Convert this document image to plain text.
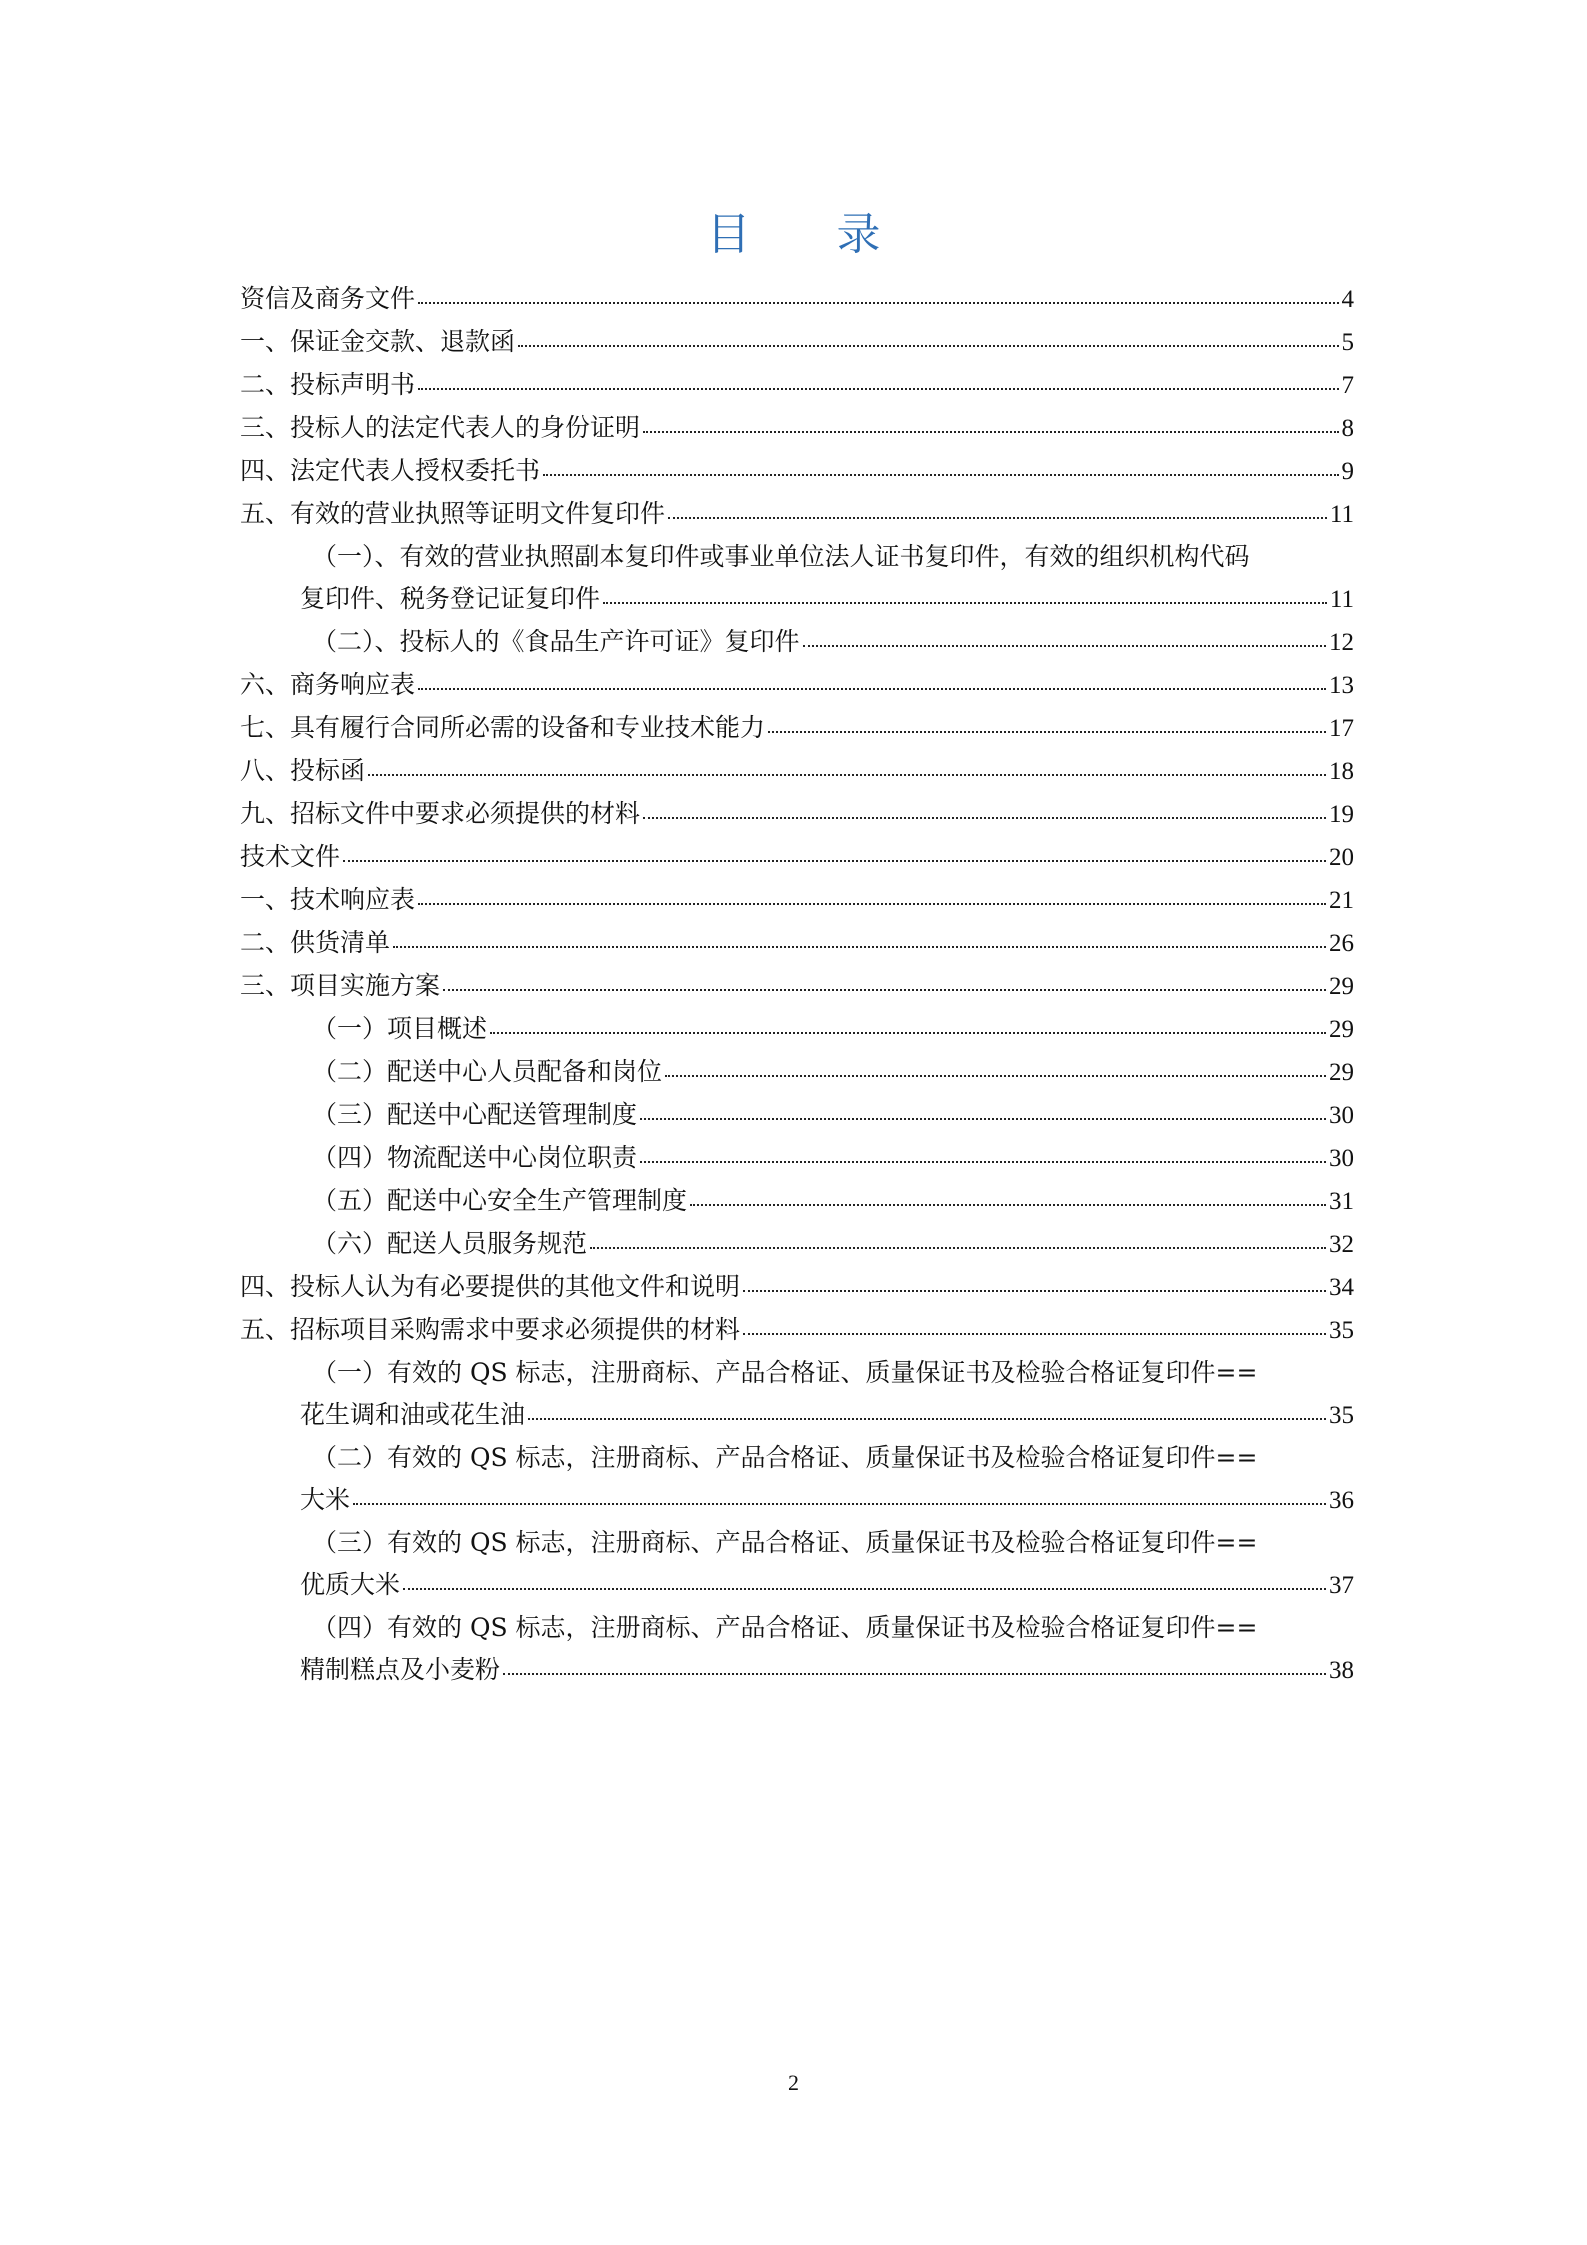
目 录
资信及商务文件	4
一、保证金交款、退款函	5
二、投标声明书	7
三、投标人的法定代表人的身份证明	8
四、法定代表人授权委托书	9
五、有效的营业执照等证明文件复印件	11
（一）、有效的营业执照副本复印件或事业单位法人证书复印件，有效的组织机构代码
复印件、税务登记证复印件	11
（二）、投标人的《食品生产许可证》复印件	12
六、商务响应表	13
七、具有履行合同所必需的设备和专业技术能力	17
八、投标函	18
九、招标文件中要求必须提供的材料	19
技术文件	20
一、技术响应表	21
二、供货清单	26
三、项目实施方案	29
（一）项目概述	29
（二）配送中心人员配备和岗位	29
（三）配送中心配送管理制度	30
（四）物流配送中心岗位职责	30
（五）配送中心安全生产管理制度	31
（六）配送人员服务规范	32
四、投标人认为有必要提供的其他文件和说明	34
五、招标项目采购需求中要求必须提供的材料	35
（一）有效的 QS 标志，注册商标、产品合格证、质量保证书及检验合格证复印件==
花生调和油或花生油	35
（二）有效的 QS 标志，注册商标、产品合格证、质量保证书及检验合格证复印件==
大米	36
（三）有效的 QS 标志，注册商标、产品合格证、质量保证书及检验合格证复印件==
优质大米	37
（四）有效的 QS 标志，注册商标、产品合格证、质量保证书及检验合格证复印件==
精制糕点及小麦粉	38
2
